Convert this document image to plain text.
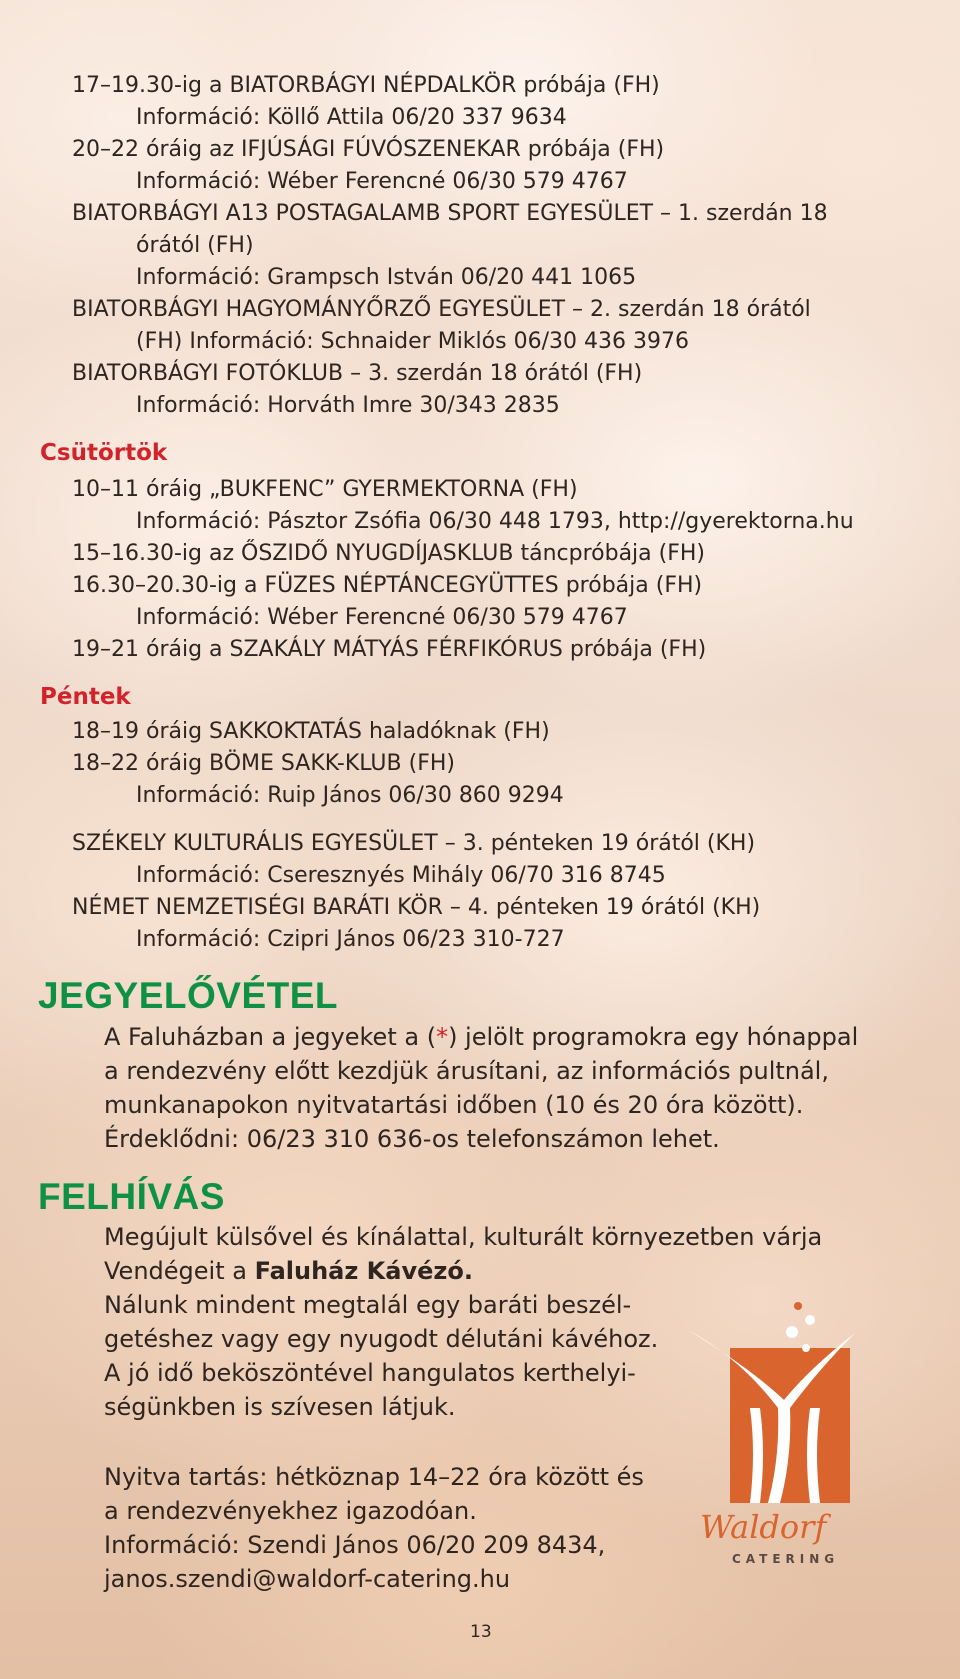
17–19.30-ig a BIATORBÁGYI NÉPDALKÖR próbája (FH)

Információ: Köllő Attila 06/20 337 9634

20–22 óráig az IFJÚSÁGI FÚVÓSZENEKAR próbája (FH)

Információ: Wéber Ferencné 06/30 579 4767

BIATORBÁGYI A13 POSTAGALAMB SPORT EGYESÜLET – 1. szerdán 18

órától (FH)

Információ: Grampsch István 06/20 441 1065

BIATORBÁGYI HAGYOMÁNYŐRZŐ EGYESÜLET – 2. szerdán 18 órától

(FH) Információ: Schnaider Miklós 06/30 436 3976

BIATORBÁGYI FOTÓKLUB – 3. szerdán 18 órától (FH)

Információ: Horváth Imre 30/343 2835

Csütörtök

10–11 óráig „BUKFENC” GYERMEKTORNA (FH)

Információ: Pásztor Zsófia 06/30 448 1793, http://gyerektorna.hu

15–16.30-ig az ŐSZIDŐ NYUGDÍJASKLUB táncpróbája (FH)

16.30–20.30-ig a FÜZES NÉPTÁNCEGYÜTTES próbája (FH)

Információ: Wéber Ferencné 06/30 579 4767

19–21 óráig a SZAKÁLY MÁTYÁS FÉRFIKÓRUS próbája (FH)

Péntek

18–19 óráig SAKKOKTATÁS haladóknak (FH)

18–22 óráig BÖME SAKK-KLUB (FH)

Információ: Ruip János 06/30 860 9294

SZÉKELY KULTURÁLIS EGYESÜLET – 3. pénteken 19 órától (KH)

Információ: Cseresznyés Mihály 06/70 316 8745

NÉMET NEMZETISÉGI BARÁTI KÖR – 4. pénteken 19 órától (KH)

Információ: Czipri János 06/23 310-727

JEGYELŐVÉTEL

A Faluházban a jegyeket a (*) jelölt programokra egy hónappal

a rendezvény előtt kezdjük árusítani, az információs pultnál,

munkanapokon nyitvatartási időben (10 és 20 óra között).

Érdeklődni: 06/23 310 636-os telefonszámon lehet.

FELHÍVÁS

Megújult külsővel és kínálattal, kulturált környezetben várja

Vendégeit a Faluház Kávézó.

Nálunk mindent megtalál egy baráti beszél-

getéshez vagy egy nyugodt délutáni kávéhoz.

A jó idő beköszöntével hangulatos kerthelyi-

ségünkben is szívesen látjuk.

Nyitva tartás: hétköznap 14–22 óra között és

a rendezvényekhez igazodóan.

Információ: Szendi János 06/20 209 8434,

janos.szendi@waldorf-catering.hu

Waldorf
CATERING
13
